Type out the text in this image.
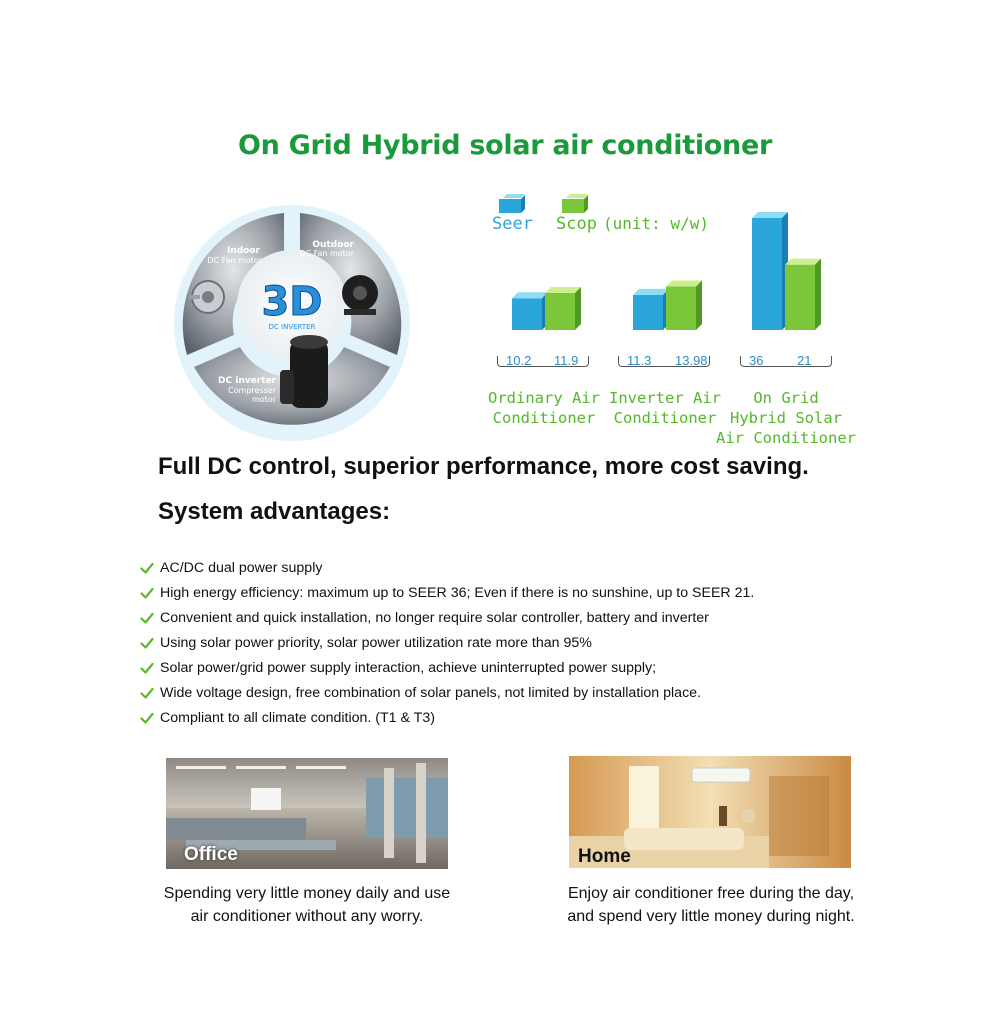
On Grid Hybrid solar air conditioner
3D
DC INVERTER
Indoor
DC Fan motor
Outdoor
DC Fan motor
DC inverter
Compresser
motor
Seer Scop (unit: w/w)
10.2 11.9	11.3 13.98	36	21
Ordinary Air
Conditioner
Inverter Air
Conditioner
On Grid
Hybrid Solar
Air Conditioner
Full DC control, superior performance, more cost saving.
System advantages:
AC/DC dual power supply
High energy efficiency: maximum up to SEER 36; Even if there is no sunshine, up to SEER 21.
Convenient and quick installation, no longer require solar controller, battery and inverter
Using solar power priority, solar power utilization rate more than 95%
Solar power/grid power supply interaction, achieve uninterrupted power supply;
Wide voltage design, free combination of solar panels, not limited by installation place.
Compliant to all climate condition. (T1 & T3)
Office	Home
Spending very little money daily and use
air conditioner without any worry.
Enjoy air conditioner free during the day,
and spend very little money during night.
